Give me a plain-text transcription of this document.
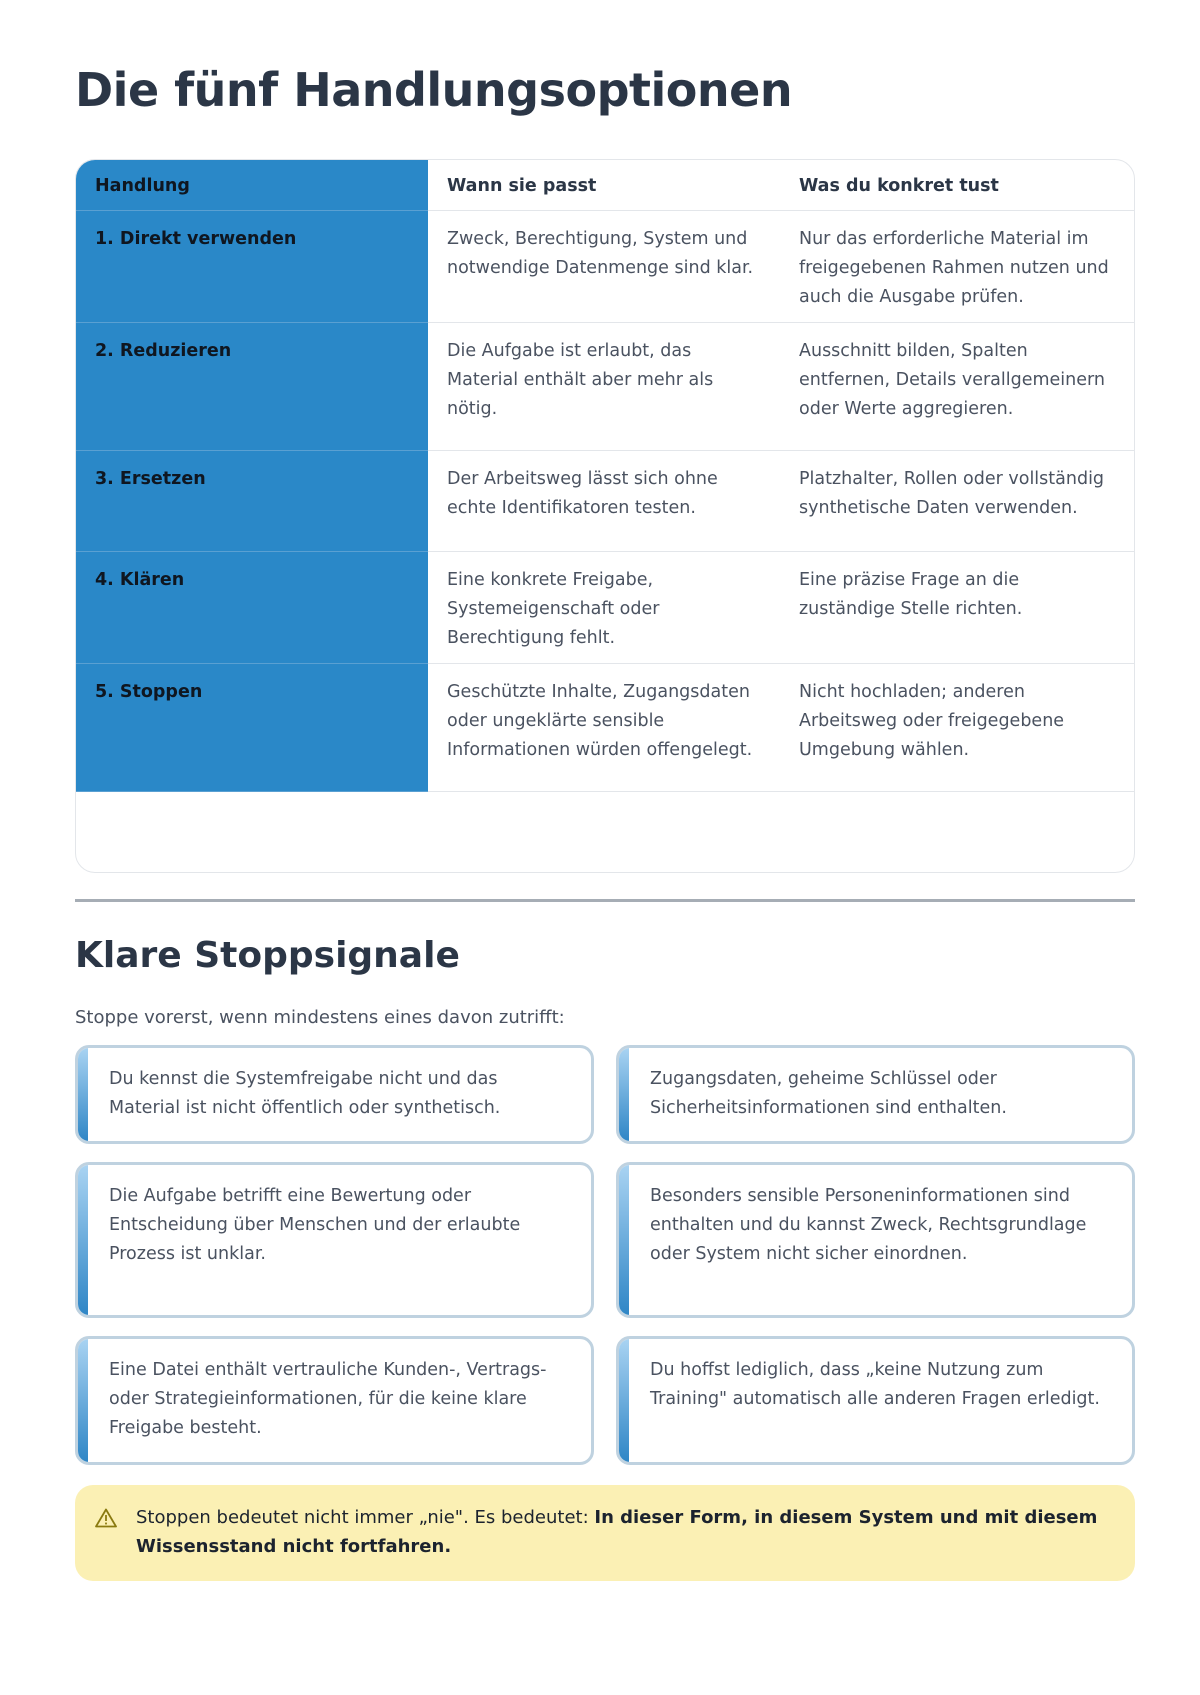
Die fünf Handlungsoptionen
Handlung	Wann sie passt	Was du konkret tust
1. Direkt verwenden	Zweck, Berechtigung, System und notwendige Datenmenge sind klar.	Nur das erforderliche Material im freigegebenen Rahmen nutzen und auch die Ausgabe prüfen.
2. Reduzieren	Die Aufgabe ist erlaubt, das Material enthält aber mehr als nötig.	Ausschnitt bilden, Spalten entfernen, Details verallgemeinern oder Werte aggregieren.
3. Ersetzen	Der Arbeitsweg lässt sich ohne echte Identifikatoren testen.	Platzhalter, Rollen oder vollständig synthetische Daten verwenden.
4. Klären	Eine konkrete Freigabe, Systemeigenschaft oder Berechtigung fehlt.	Eine präzise Frage an die zuständige Stelle richten.
5. Stoppen	Geschützte Inhalte, Zugangsdaten oder ungeklärte sensible Informationen würden offengelegt.	Nicht hochladen; anderen Arbeitsweg oder freigegebene Umgebung wählen.
Klare Stoppsignale

Stoppe vorerst, wenn mindestens eines davon zutrifft:

Du kennst die Systemfreigabe nicht und das Material ist nicht öffentlich oder synthetisch.
Zugangsdaten, geheime Schlüssel oder Sicherheitsinformationen sind enthalten.
Die Aufgabe betrifft eine Bewertung oder Entscheidung über Menschen und der erlaubte Prozess ist unklar.
Besonders sensible Personeninformationen sind enthalten und du kannst Zweck, Rechtsgrundlage oder System nicht sicher einordnen.
Eine Datei enthält vertrauliche Kunden-, Vertrags- oder Strategieinformationen, für die keine klare Freigabe besteht.
Du hoffst lediglich, dass „keine Nutzung zum Training" automatisch alle anderen Fragen erledigt.
Stoppen bedeutet nicht immer „nie". Es bedeutet: In dieser Form, in diesem System und mit diesem Wissensstand nicht fortfahren.
